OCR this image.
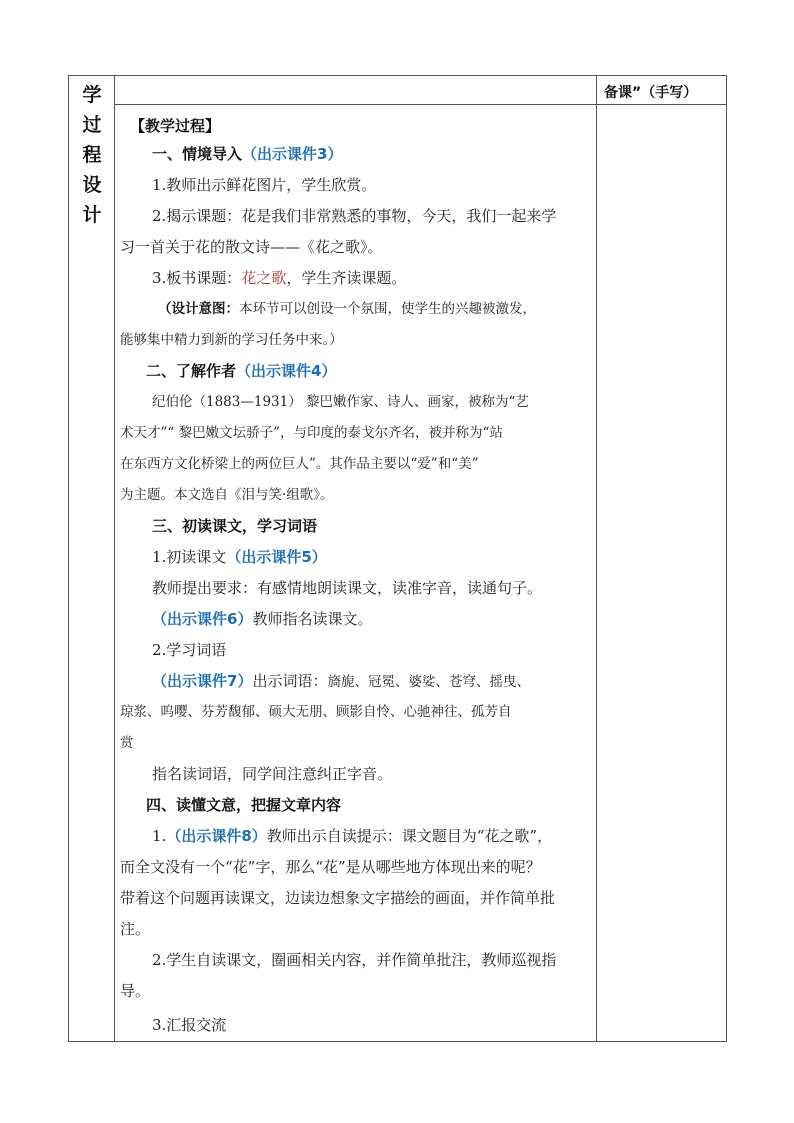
学
过
程
设
计
备课”（手写）
【教学过程】
一、情境导入（出示课件3）
1.教师出示鲜花图片，学生欣赏。
2.揭示课题：花是我们非常熟悉的事物，今天，我们一起来学
习一首关于花的散文诗——《花之歌》。
3.板书课题：花之歌，学生齐读课题。
（设计意图：本环节可以创设一个氛围，使学生的兴趣被激发，
能够集中精力到新的学习任务中来。）
二、了解作者（出示课件4）
纪伯伦（1883—1931） 黎巴嫩作家、诗人、画家，被称为“艺
术天才”“ 黎巴嫩文坛骄子”，与印度的泰戈尔齐名，被并称为“站
在东西方文化桥梁上的两位巨人”。其作品主要以“爱”和“美”
为主题。本文选自《泪与笑·组歌》。
三、初读课文，学习词语
1.初读课文（出示课件5）
教师提出要求：有感情地朗读课文，读准字音，读通句子。
（出示课件6）教师指名读课文。
2.学习词语
（出示课件7）出示词语：旖旎、冠冕、婆娑、苍穹、摇曳、
琼浆、呜嘤、芬芳馥郁、硕大无朋、顾影自怜、心驰神往、孤芳自
赏
指名读词语，同学间注意纠正字音。
四、读懂文意，把握文章内容
1.（出示课件8）教师出示自读提示：课文题目为“花之歌”，
而全文没有一个“花”字，那么“花”是从哪些地方体现出来的呢？
带着这个问题再读课文，边读边想象文字描绘的画面，并作简单批
注。
2.学生自读课文，圈画相关内容，并作简单批注，教师巡视指
导。
3.汇报交流
